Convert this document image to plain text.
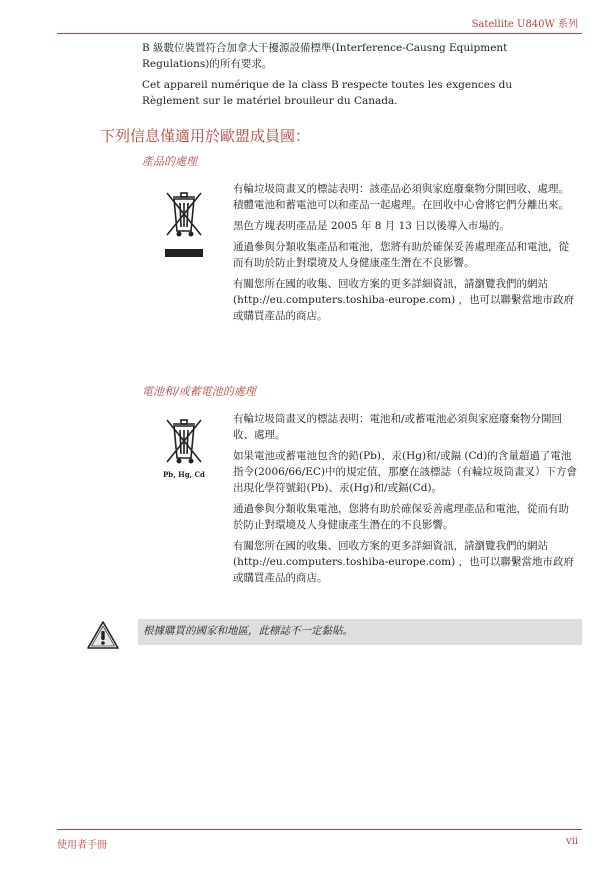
Satellite U840W 系列

B 級數位裝置符合加拿大干擾源設備標準(Interference-Causng Equipment Regulations)的所有要求。

Cet appareil numérique de la class B respecte toutes les exgences du Règlement sur le matériel brouileur du Canada.

下列信息僅適用於歐盟成員國：

產品的處理

有輪垃圾筒畫叉的標誌表明：該產品必須與家庭廢棄物分開回收、處理。積體電池和蓄電池可以和產品一起處理。在回收中心會將它們分離出來。

黑色方塊表明產品是 2005 年 8 月 13 日以後導入市場的。

通過參與分類收集產品和電池，您將有助於確保妥善處理產品和電池，從而有助於防止對環境及人身健康產生潛在不良影響。

有關您所在國的收集、回收方案的更多詳細資訊，請瀏覽我們的網站(http://eu.computers.toshiba-europe.com) ，也可以聯繫當地市政府或購買產品的商店。

電池和/或蓄電池的處理

Pb, Hg, Cd

有輪垃圾筒畫叉的標誌表明：電池和/或蓄電池必須與家庭廢棄物分開回收、處理。

如果電池或蓄電池包含的鉛(Pb)、汞(Hg)和/或鎘 (Cd)的含量超過了電池指令(2006/66/EC)中的規定值，那麼在該標誌（有輪垃圾筒畫叉）下方會出現化學符號鉛(Pb)、汞(Hg)和/或鎘(Cd)。

通過參與分類收集電池，您將有助於確保妥善處理產品和電池，從而有助於防止對環境及人身健康產生潛在的不良影響。

有關您所在國的收集、回收方案的更多詳細資訊，請瀏覽我們的網站(http://eu.computers.toshiba-europe.com) ，也可以聯繫當地市政府或購買產品的商店。

根據購買的國家和地區，此標誌不一定黏貼。
使用者手冊	vii
